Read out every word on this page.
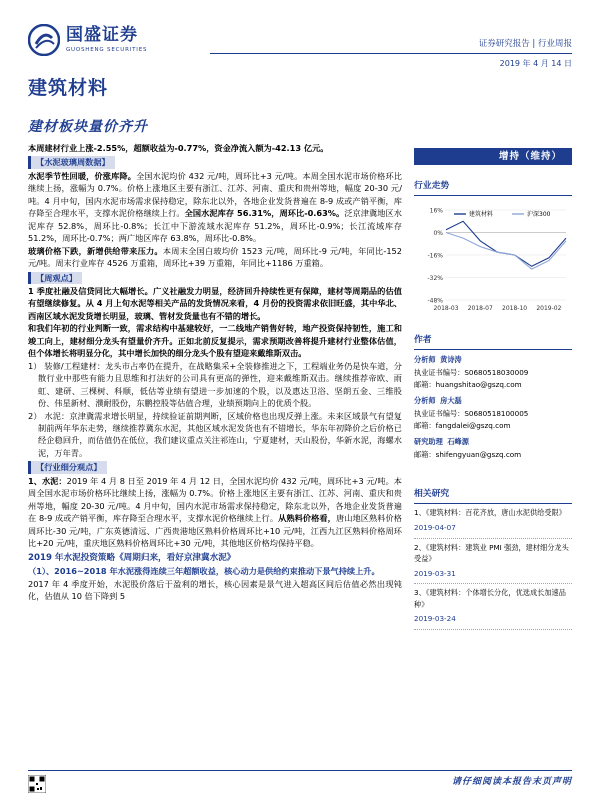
国盛证券
GUOSHENG SECURITIES
证券研究报告 | 行业周报
2019 年 4 月 14 日
建筑材料
建材板块量价齐升
本周建材行业上涨-2.55%，超额收益为-0.77%，资金净流入额为-42.13 亿元。
【水泥玻璃周数据】
水泥季节性回暖，价涨库降。全国水泥均价 432 元/吨，周环比+3 元/吨。本周全国水泥市场价格环比继续上扬，涨幅为 0.7%。价格上涨地区主要有浙江、江苏、河南、重庆和贵州等地，幅度 20-30 元/吨。4 月中旬，国内水泥市场需求保持稳定，除东北以外，各地企业发货普遍在 8-9 成或产销平衡，库存降至合理水平，支撑水泥价格继续上行。全国水泥库存 56.31%，周环比-0.63%。泛京津冀地区水泥库存 52.8%，周环比-0.8%；长江中下游流域水泥库存 51.2%，周环比-0.9%；长江流域库存 51.2%，周环比-0.7%；两广地区库存 63.8%，周环比-0.8%。
玻璃价格下跌，新增供给带来压力。本周末全国白玻均价 1523 元/吨，周环比-9 元/吨，年同比-152 元/吨。周末行业库存 4526 万重箱，周环比+39 万重箱，年同比+1186 万重箱。
【周观点】
1 季度社融及信贷同比大幅增长。广义社融发力明显，经济回升持续性更有保障，建材等周期品的估值有望继续修复。从 4 月上旬水泥等相关产品的发货情况来看，4 月份的投资需求依旧旺盛，其中华北、西南区域水泥发货增长明显，玻璃、管材发货量也有不错的增长。
和我们年初的行业判断一致，需求结构中基建较好，一二线地产销售好转，地产投资保持韧性，施工和竣工向上，建材细分龙头有望量价齐升。正如北前反复提示，需求预期改善将提升建材行业整体估值，但个体增长将明显分化，其中增长加快的细分龙头个股有望迎来戴维斯双击。
1） 装修/工程建材：龙头市占率仍在提升，在战略集采+全装修推进之下，工程端业务仍是快车道，分散行业中那些有能力且思维和打法好的公司具有更高的弹性，迎来戴维斯双击。继续推荐帝欧、雨虹、建研、三棵树、科顺，低估等业绩有望进一步加速的个股，以及惠达卫浴、坚朗五金、三维股份、伟星新材、濮耐股份，东鹏控股等估值合理，业绩预期向上的优质个股。
2） 水泥：京津冀需求增长明显，持续验证前期判断，区域价格也出现反弹上涨。未来区域景气有望复制前两年华东走势，继续推荐冀东水泥，其他区域水泥发货也有不错增长，华东年初降价之后价格已经企稳回升，而估值仍在低位，我们建议重点关注祁连山，宁夏建材，天山股份，华新水泥，海螺水泥，万年青。
【行业细分观点】
1、水泥：2019 年 4 月 8 日至 2019 年 4 月 12 日，全国水泥均价 432 元/吨，周环比+3 元/吨。本周全国水泥市场价格环比继续上扬，涨幅为 0.7%。价格上涨地区主要有浙江、江苏、河南、重庆和贵州等地，幅度 20-30 元/吨。4 月中旬，国内水泥市场需求保持稳定，除东北以外，各地企业发货普遍在 8-9 成或产销平衡，库存降至合理水平，支撑水泥价格继续上行。从熟料价格看，唐山地区熟料价格周环比-30 元/吨，广东英德清远、广西贵港地区熟料价格周环比+10 元/吨，江西九江区熟料价格周环比+20 元/吨，重庆地区熟料价格周环比+30 元/吨，其他地区价格均保持平稳。
2019 年水泥投资策略《周期归来，看好京津冀水泥》
（1）、2016~2018 年水泥涨得连续三年超额收益，核心动力是供给约束推动下景气持续上升。
2017 年 4 季度开始，水泥股价落后于盈利的增长，核心因素是景气进入超高区间后估值必然出现钝化，估值从 10 倍下降到 5
增持（维持）
行业走势
16%
0%
-16%
-32%
-48%
2018-03 2018-07 2018-10 2019-02
建筑材料	沪深300
作者
分析师 黄诗涛
执业证书编号：S0680518030009
邮箱：huangshitao@gszq.com
分析师 房大磊
执业证书编号：S0680518100005
邮箱：fangdalei@gszq.com
研究助理 石峰源
邮箱：shifengyuan@gszq.com
相关研究
1、《建筑材料：百花齐放，唐山水泥供给受限》
2019-04-07
2、《建筑材料：建筑业 PMI 强劲，建材细分龙头受益》
2019-03-31
3、《建筑材料：个体增长分化，优选成长加速品种》
2019-03-24
请仔细阅读本报告末页声明
